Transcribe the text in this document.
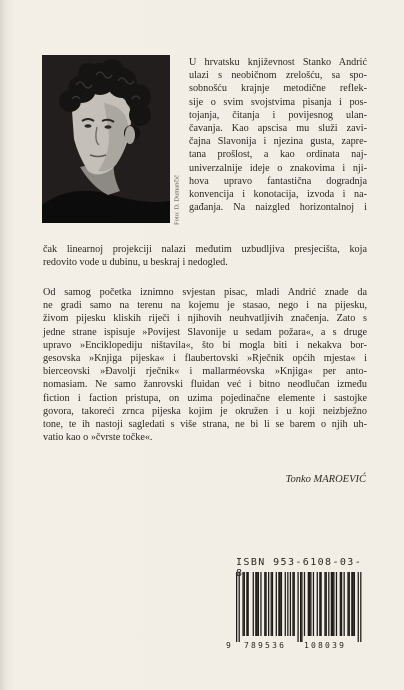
Foto: D. Dumančić

U hrvatsku književnost Stanko Andrić
ulazi s neobičnom zrelošću, sa spo-
sobnošću krajnje metodične reflek-
sije o svim svojstvima pisanja i pos-
tojanja, čitanja i povijesnog ulan-
čavanja. Kao apscisa mu služi zavi-
čajna Slavonija i njezina gusta, zapre-
tana prošlost, a kao ordinata naj-
univerzalnije ideje o znakovima i nji-
hova upravo fantastična dogradnja
konvencija i konotacija, izvoda i na-
gađanja. Na naizgled horizontalnoj i

čak linearnoj projekciji nalazi međutim uzbudljiva presjecišta, koja
redovito vode u dubinu, u beskraj i nedogled.

Od samog početka iznimno svjestan pisac, mladi Andrić znade da
ne gradi samo na terenu na kojemu je stasao, nego i na pijesku,
živom pijesku kliskih riječi i njihovih neuhvatljivih značenja. Zato s
jedne strane ispisuje »Povijest Slavonije u sedam požara«, a s druge
upravo »Enciklopediju ništavila«, što bi mogla biti i nekakva bor-
gesovska »Knjiga pijeska« i flaubertovski »Rječnik općih mjesta« i
bierceovski »Đavolji rječnik« i mallarméovska »Knjiga« per anto-
nomasiam. Ne samo žanrovski fluidan već i bitno neodlučan između
fiction i faction pristupa, on uzima pojedinačne elemente i sastojke
govora, takoreći zrnca pijeska kojim je okružen i u koji neizbježno
tone, te ih nastoji sagledati s više strana, ne bi li se barem o njih uh-
vatio kao o »čvrste točke«.

Tonko MAROEVIĆ
ISBN 953-6108-03-
9 789536 108039
